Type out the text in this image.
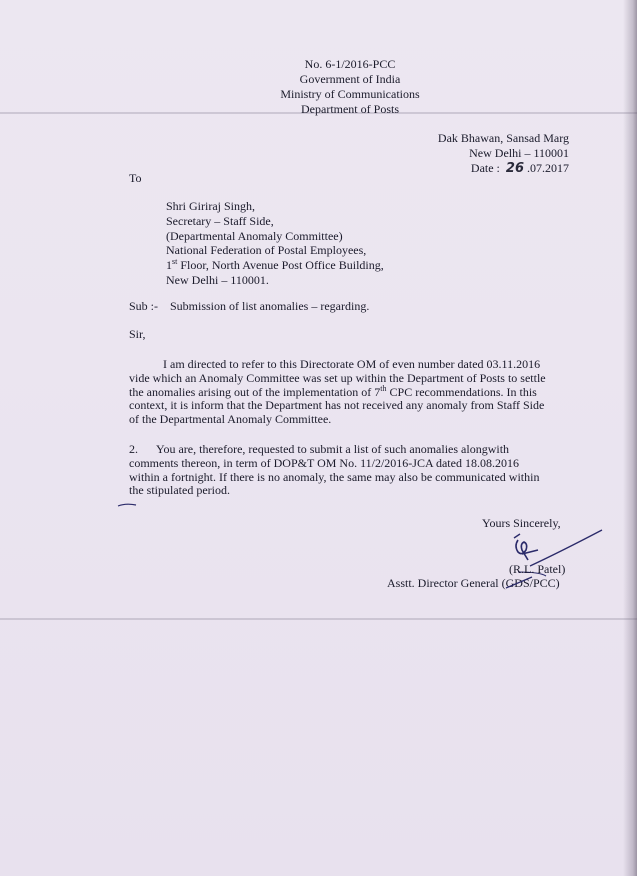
No. 6-1/2016-PCC
Government of India
Ministry of Communications
Department of Posts
Dak Bhawan, Sansad Marg
New Delhi – 110001
Date : 26 .07.2017
To
Shri Giriraj Singh,
Secretary – Staff Side,
(Departmental Anomaly Committee)
National Federation of Postal Employees,
1st Floor, North Avenue Post Office Building,
New Delhi – 110001.
Sub :- Submission of list anomalies – regarding.
Sir,
I am directed to refer to this Directorate OM of even number dated 03.11.2016
vide which an Anomaly Committee was set up within the Department of Posts to settle
the anomalies arising out of the implementation of 7th CPC recommendations. In this
context, it is inform that the Department has not received any anomaly from Staff Side
of the Departmental Anomaly Committee.
2. You are, therefore, requested to submit a list of such anomalies alongwith
comments thereon, in term of DOP&T OM No. 11/2/2016-JCA dated 18.08.2016
within a fortnight. If there is no anomaly, the same may also be communicated within
the stipulated period.
Yours Sincerely,
(R.L. Patel)
Asstt. Director General (GDS/PCC)
